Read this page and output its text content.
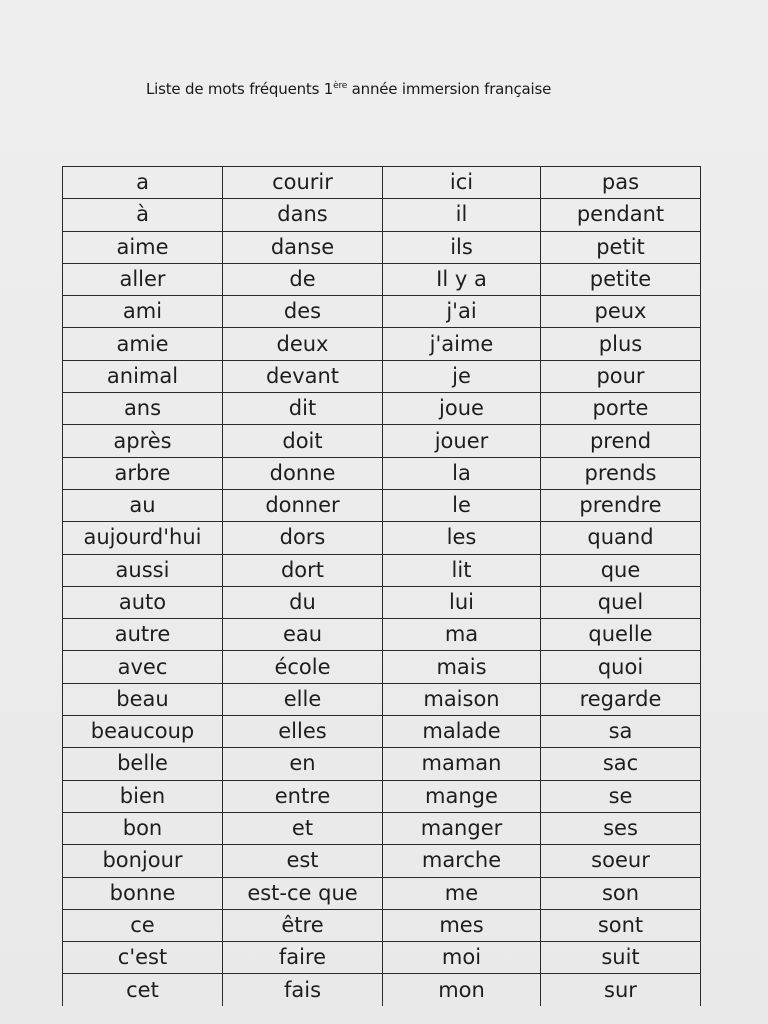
Liste de mots fréquents 1ère année immersion française
a	courir	ici	pas
à	dans	il	pendant
aime	danse	ils	petit
aller	de	Il y a	petite
ami	des	j'ai	peux
amie	deux	j'aime	plus
animal	devant	je	pour
ans	dit	joue	porte
après	doit	jouer	prend
arbre	donne	la	prends
au	donner	le	prendre
aujourd'hui	dors	les	quand
aussi	dort	lit	que
auto	du	lui	quel
autre	eau	ma	quelle
avec	école	mais	quoi
beau	elle	maison	regarde
beaucoup	elles	malade	sa
belle	en	maman	sac
bien	entre	mange	se
bon	et	manger	ses
bonjour	est	marche	soeur
bonne	est-ce que	me	son
ce	être	mes	sont
c'est	faire	moi	suit
cet	fais	mon	sur
